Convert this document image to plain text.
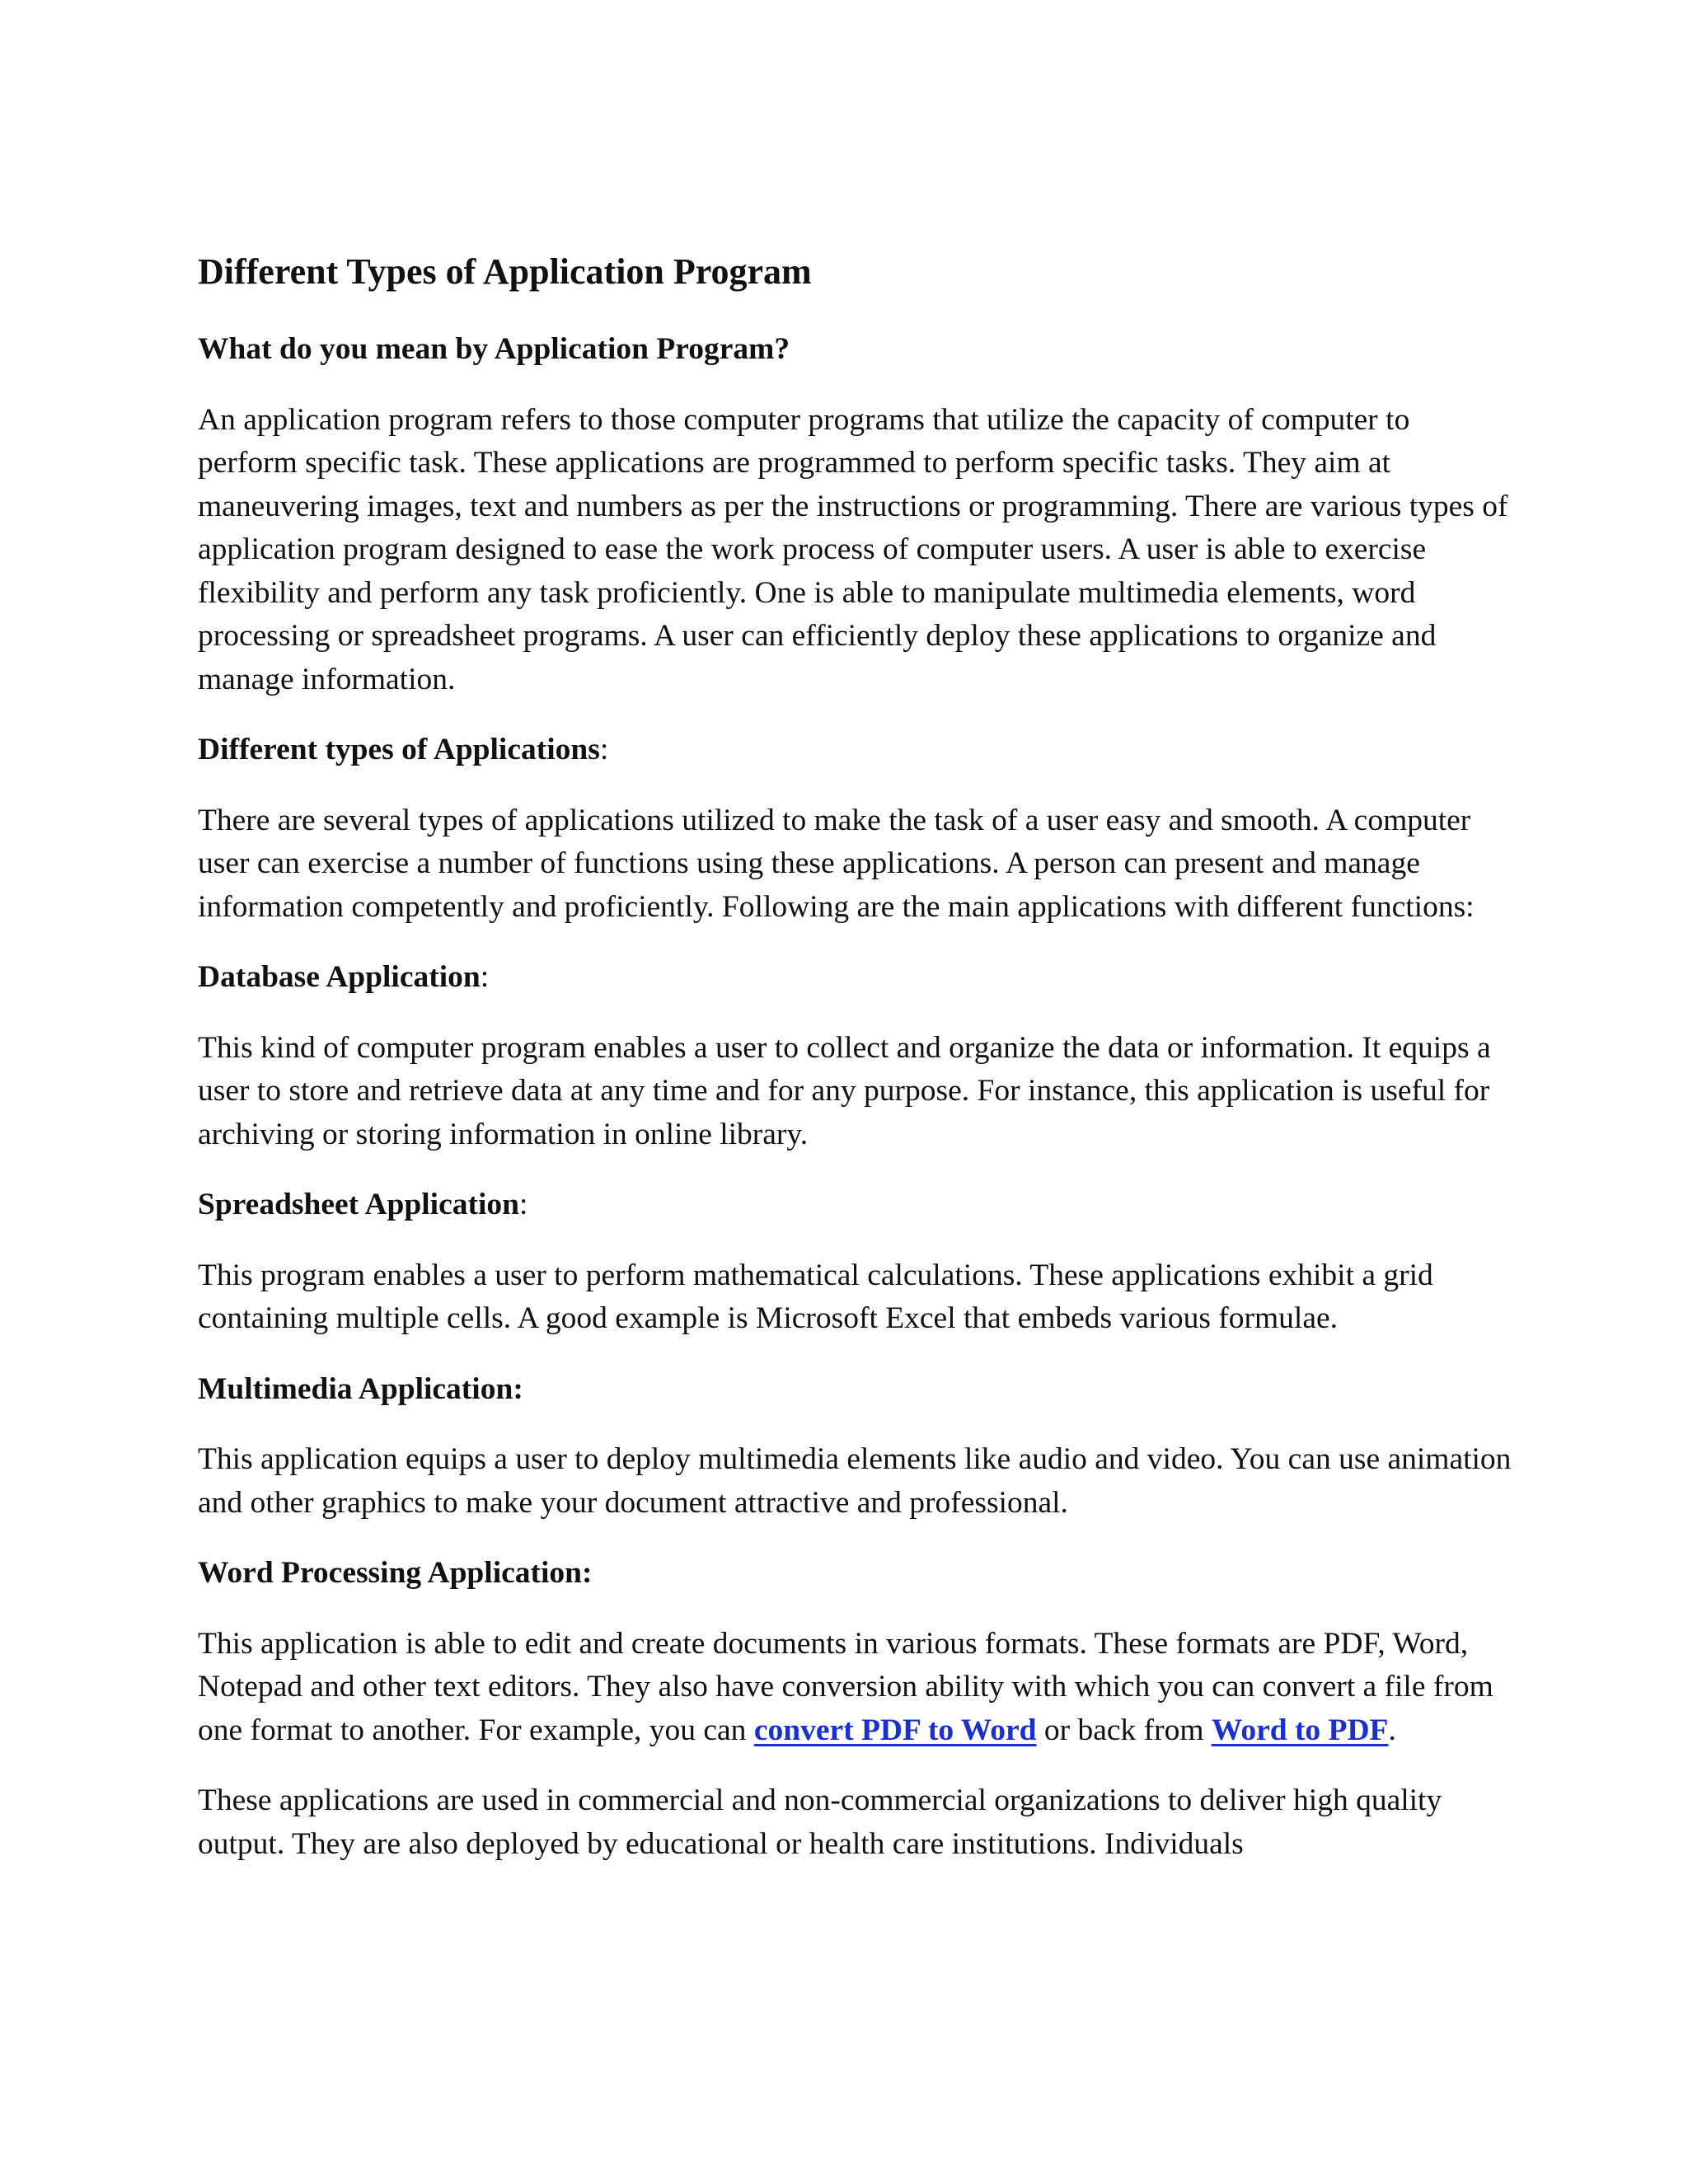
Different Types of Application Program
What do you mean by Application Program?

An application program refers to those computer programs that utilize the capacity of computer to perform specific task. These applications are programmed to perform specific tasks. They aim at maneuvering images, text and numbers as per the instructions or programming. There are various types of application program designed to ease the work process of computer users. A user is able to exercise flexibility and perform any task proficiently. One is able to manipulate multimedia elements, word processing or spreadsheet programs. A user can efficiently deploy these applications to organize and manage information.

Different types of Applications:

There are several types of applications utilized to make the task of a user easy and smooth. A computer user can exercise a number of functions using these applications. A person can present and manage information competently and proficiently. Following are the main applications with different functions:

Database Application:

This kind of computer program enables a user to collect and organize the data or information. It equips a user to store and retrieve data at any time and for any purpose. For instance, this application is useful for archiving or storing information in online library.

Spreadsheet Application:

This program enables a user to perform mathematical calculations. These applications exhibit a grid containing multiple cells. A good example is Microsoft Excel that embeds various formulae.

Multimedia Application:

This application equips a user to deploy multimedia elements like audio and video. You can use animation and other graphics to make your document attractive and professional.

Word Processing Application:

This application is able to edit and create documents in various formats. These formats are PDF, Word, Notepad and other text editors. They also have conversion ability with which you can convert a file from one format to another. For example, you can convert PDF to Word or back from Word to PDF.

These applications are used in commercial and non-commercial organizations to deliver high quality output. They are also deployed by educational or health care institutions. Individuals
